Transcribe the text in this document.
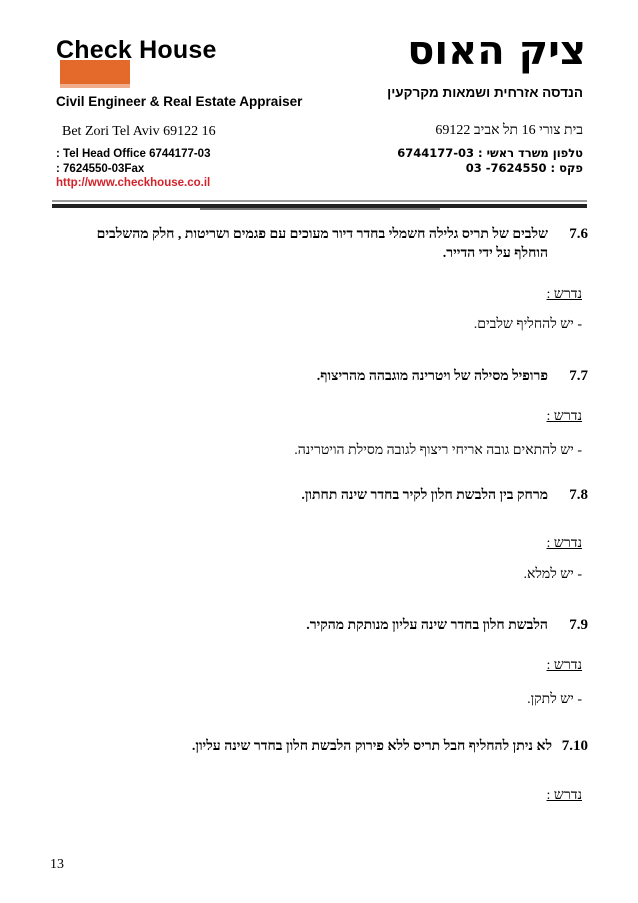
Check House	ציק האוס
Civil Engineer & Real Estate Appraiser
הנדסה אזרחית ושמאות מקרקעין
Bet Zori Tel Aviv 69122 16	בית צורי 16 תל אביב 69122
: Tel Head Office 6744177-03
: 7624550-03Fax
http://www.checkhouse.co.il
טלפון משרד ראשי : 6744177-03
פקס : 7624550- 03
7.6
שלבים של תריס גלילה חשמלי בחדר דיור מעוכים עם פגמים ושריטות , חלק מהשלבים
הוחלף על ידי הדייר.
נדרש :
- יש להחליף שלבים.
7.7
פרופיל מסילה של ויטרינה מוגבהה מהריצוף.
נדרש :
- יש להתאים גובה אריחי ריצוף לגובה מסילת הויטרינה.
7.8
מרחק בין הלבשת חלון לקיר בחדר שינה תחתון.
נדרש :
- יש למלא.
7.9
הלבשת חלון בחדר שינה עליון מנותקת מהקיר.
נדרש :
- יש לתקן.
7.10
לא ניתן להחליף חבל תריס ללא פירוק הלבשת חלון בחדר שינה עליון.
נדרש :
13
